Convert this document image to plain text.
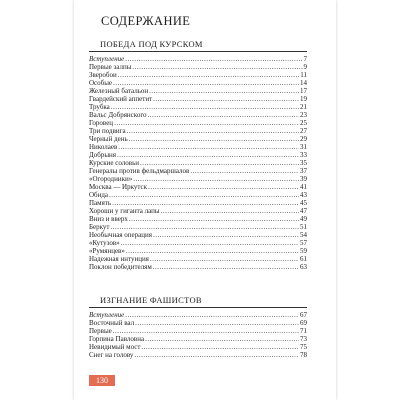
СОДЕРЖАНИЕ
ПОБЕДА ПОД КУРСКОМ
Вступление .....	7
Первые залпы .....	9
Зверобои .....	11
Особые .....	14
Железный батальон .....	17
Гвардейский аппетит .....	19
Трубка .....	21
Вальс Добрянского .....	23
Горовец .....	25
Три подвига .....	27
Черный день .....	29
Николаев .....	31
Добрыня .....	33
Курские соловьи .....	35
Генералы против фельдмаршалов .....	37
«Огородники» .....	39
Москва — Иркутск .....	41
Обида .....	43
Память .....	45
Хороши у гиганта лапы .....	47
Вниз и вверх .....	49
Беркут .....	51
Необычная операция .....	54
«Кутузов» .....	57
«Румянцев» .....	59
Надежная интуиция .....	61
Поклон победителям .....	63
ИЗГНАНИЕ ФАШИСТОВ
Вступление .....	67
Восточный вал .....	69
Первые .....	71
Горпина Павловна .....	73
Невидимый мост .....	75
Снег на голову .....	78
130
